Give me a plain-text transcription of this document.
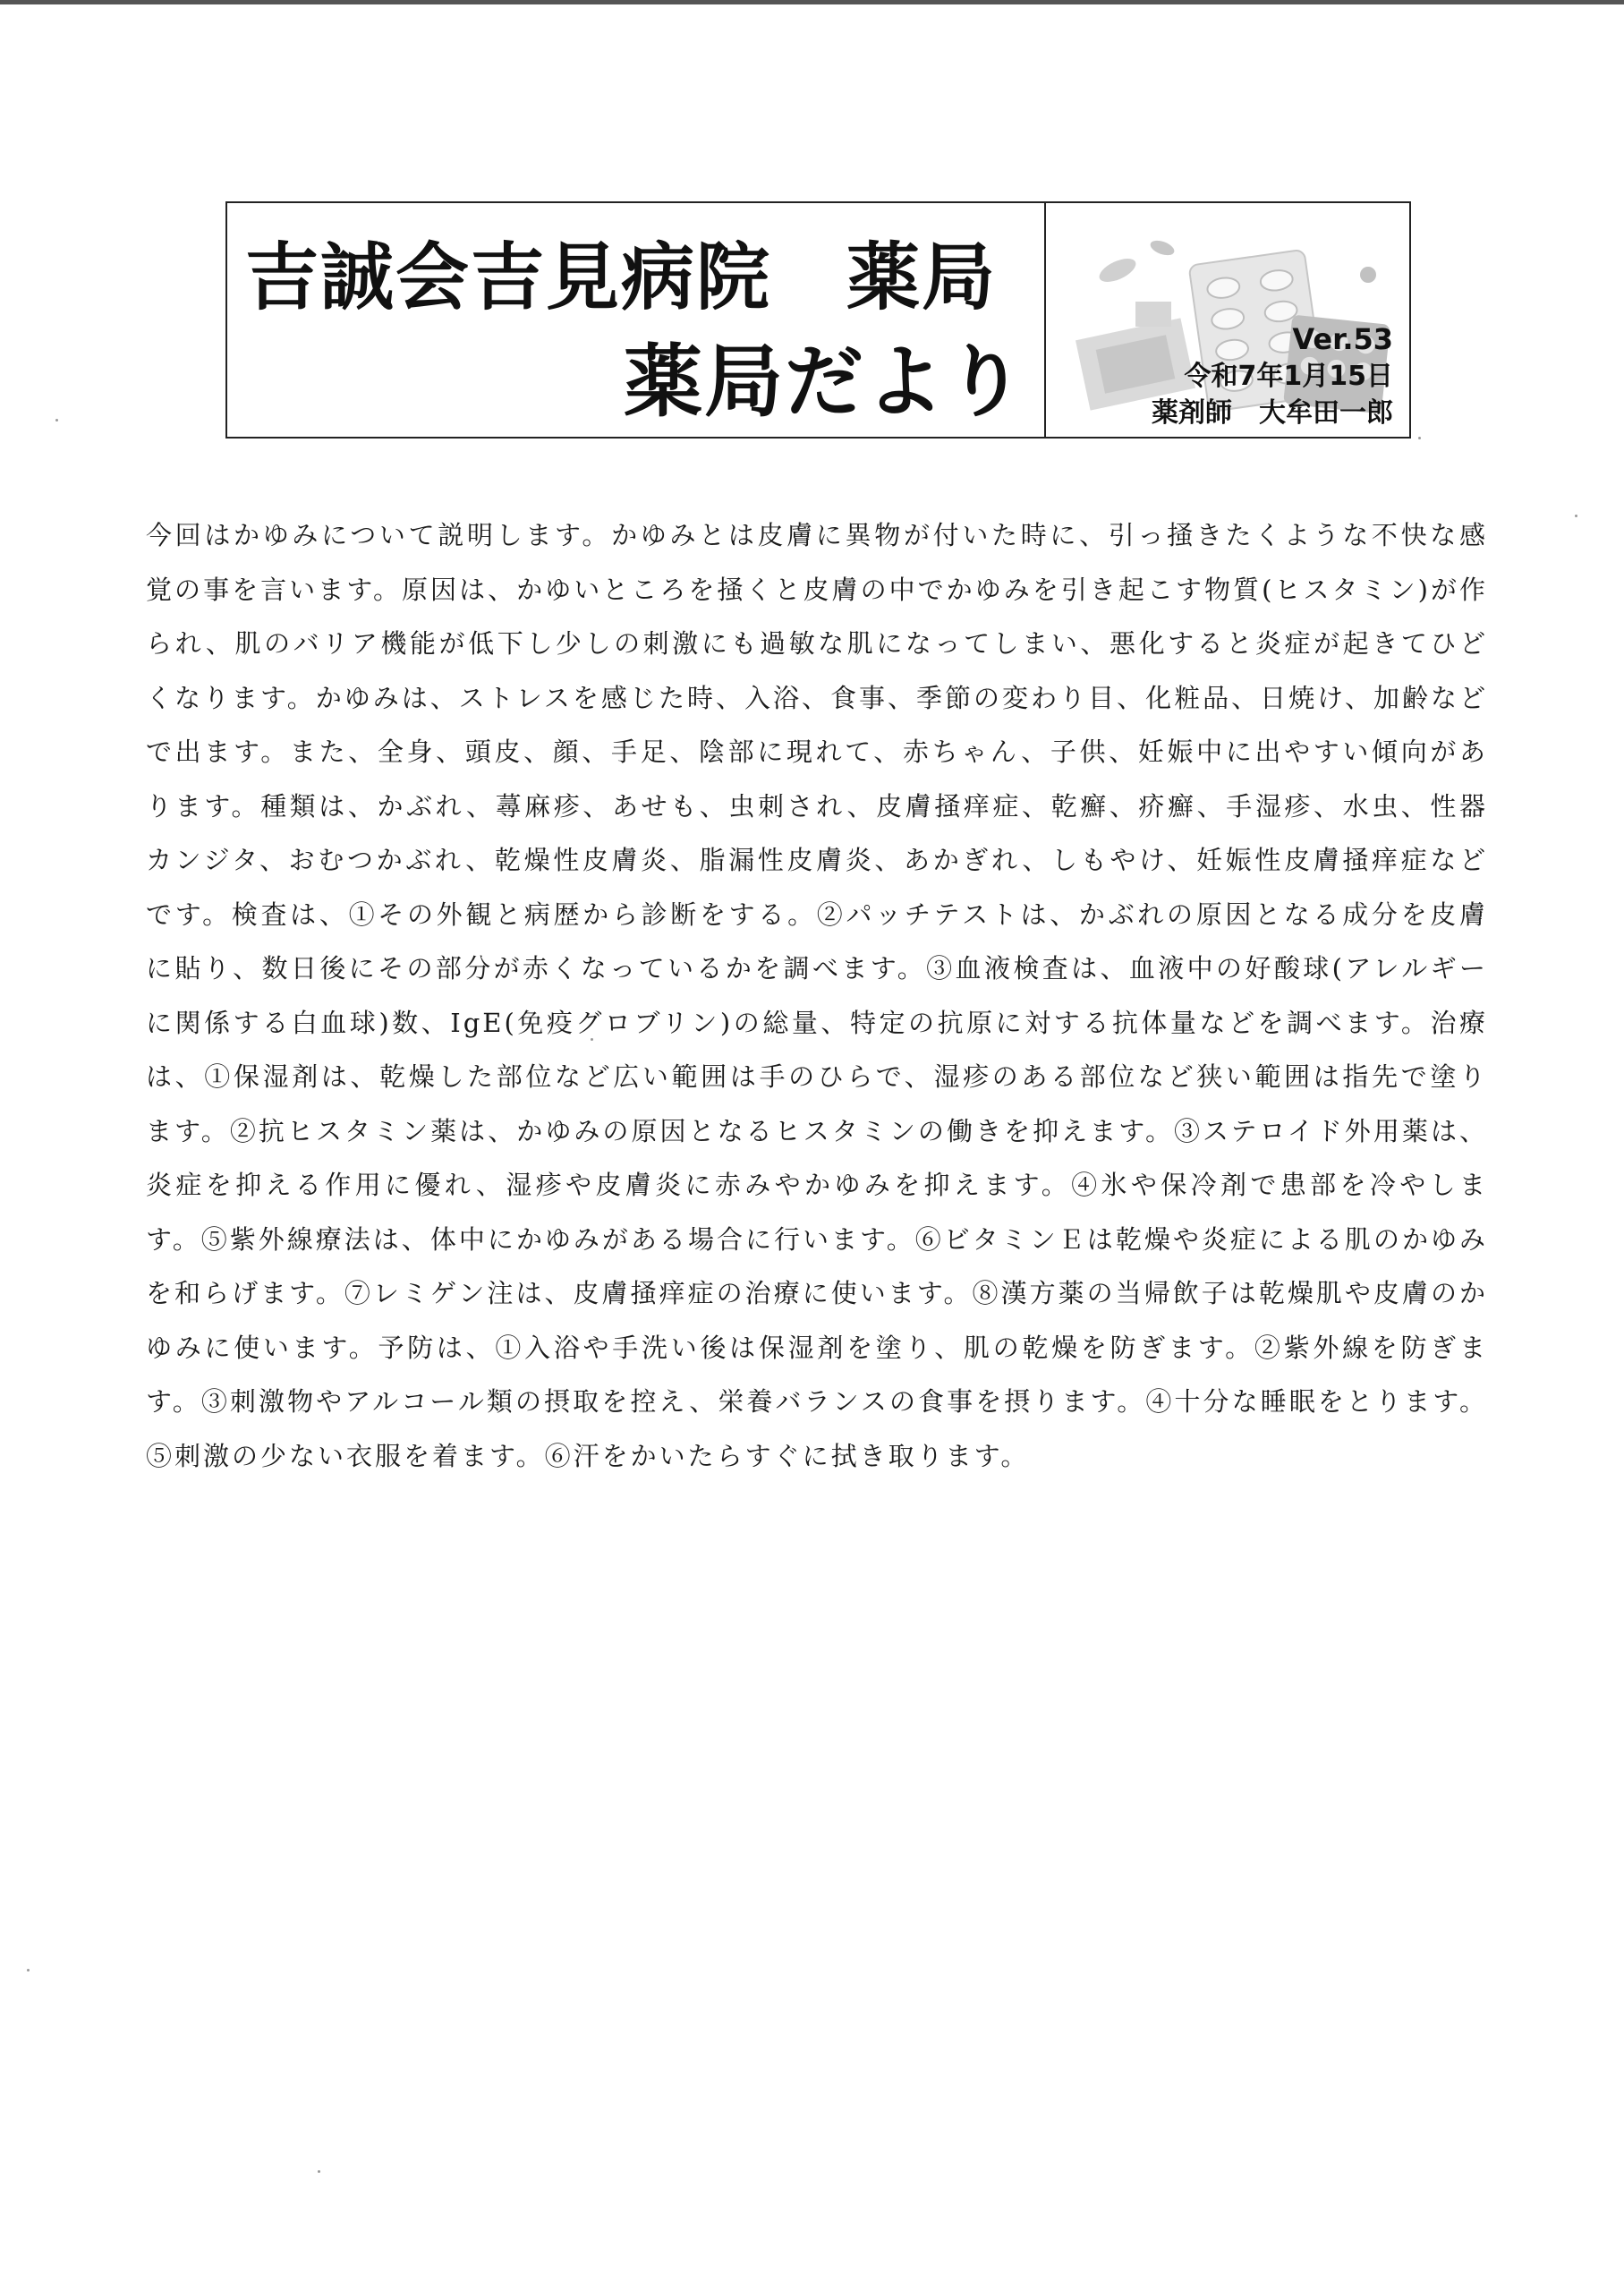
吉誠会吉見病院　薬局
薬局だより	Ver.53
令和7年1月15日
薬剤師　大牟田一郎
今回はかゆみについて説明します。かゆみとは皮膚に異物が付いた時に、引っ掻きたくような不快な感覚の事を言います。原因は、かゆいところを掻くと皮膚の中でかゆみを引き起こす物質(ヒスタミン)が作られ、肌のバリア機能が低下し少しの刺激にも過敏な肌になってしまい、悪化すると炎症が起きてひどくなります。かゆみは、ストレスを感じた時、入浴、食事、季節の変わり目、化粧品、日焼け、加齢などで出ます。また、全身、頭皮、顔、手足、陰部に現れて、赤ちゃん、子供、妊娠中に出やすい傾向があります。種類は、かぶれ、蕁麻疹、あせも、虫刺され、皮膚掻痒症、乾癬、疥癬、手湿疹、水虫、性器カンジタ、おむつかぶれ、乾燥性皮膚炎、脂漏性皮膚炎、あかぎれ、しもやけ、妊娠性皮膚掻痒症などです。検査は、①その外観と病歴から診断をする。②パッチテストは、かぶれの原因となる成分を皮膚に貼り、数日後にその部分が赤くなっているかを調べます。③血液検査は、血液中の好酸球(アレルギーに関係する白血球)数、IgE(免疫グロブリン)の総量、特定の抗原に対する抗体量などを調べます。治療は、①保湿剤は、乾燥した部位など広い範囲は手のひらで、湿疹のある部位など狭い範囲は指先で塗ります。②抗ヒスタミン薬は、かゆみの原因となるヒスタミンの働きを抑えます。③ステロイド外用薬は、炎症を抑える作用に優れ、湿疹や皮膚炎に赤みやかゆみを抑えます。④氷や保冷剤で患部を冷やします。⑤紫外線療法は、体中にかゆみがある場合に行います。⑥ビタミンＥは乾燥や炎症による肌のかゆみを和らげます。⑦レミゲン注は、皮膚掻痒症の治療に使います。⑧漢方薬の当帰飲子は乾燥肌や皮膚のかゆみに使います。予防は、①入浴や手洗い後は保湿剤を塗り、肌の乾燥を防ぎます。②紫外線を防ぎます。③刺激物やアルコール類の摂取を控え、栄養バランスの食事を摂ります。④十分な睡眠をとります。⑤刺激の少ない衣服を着ます。⑥汗をかいたらすぐに拭き取ります。
